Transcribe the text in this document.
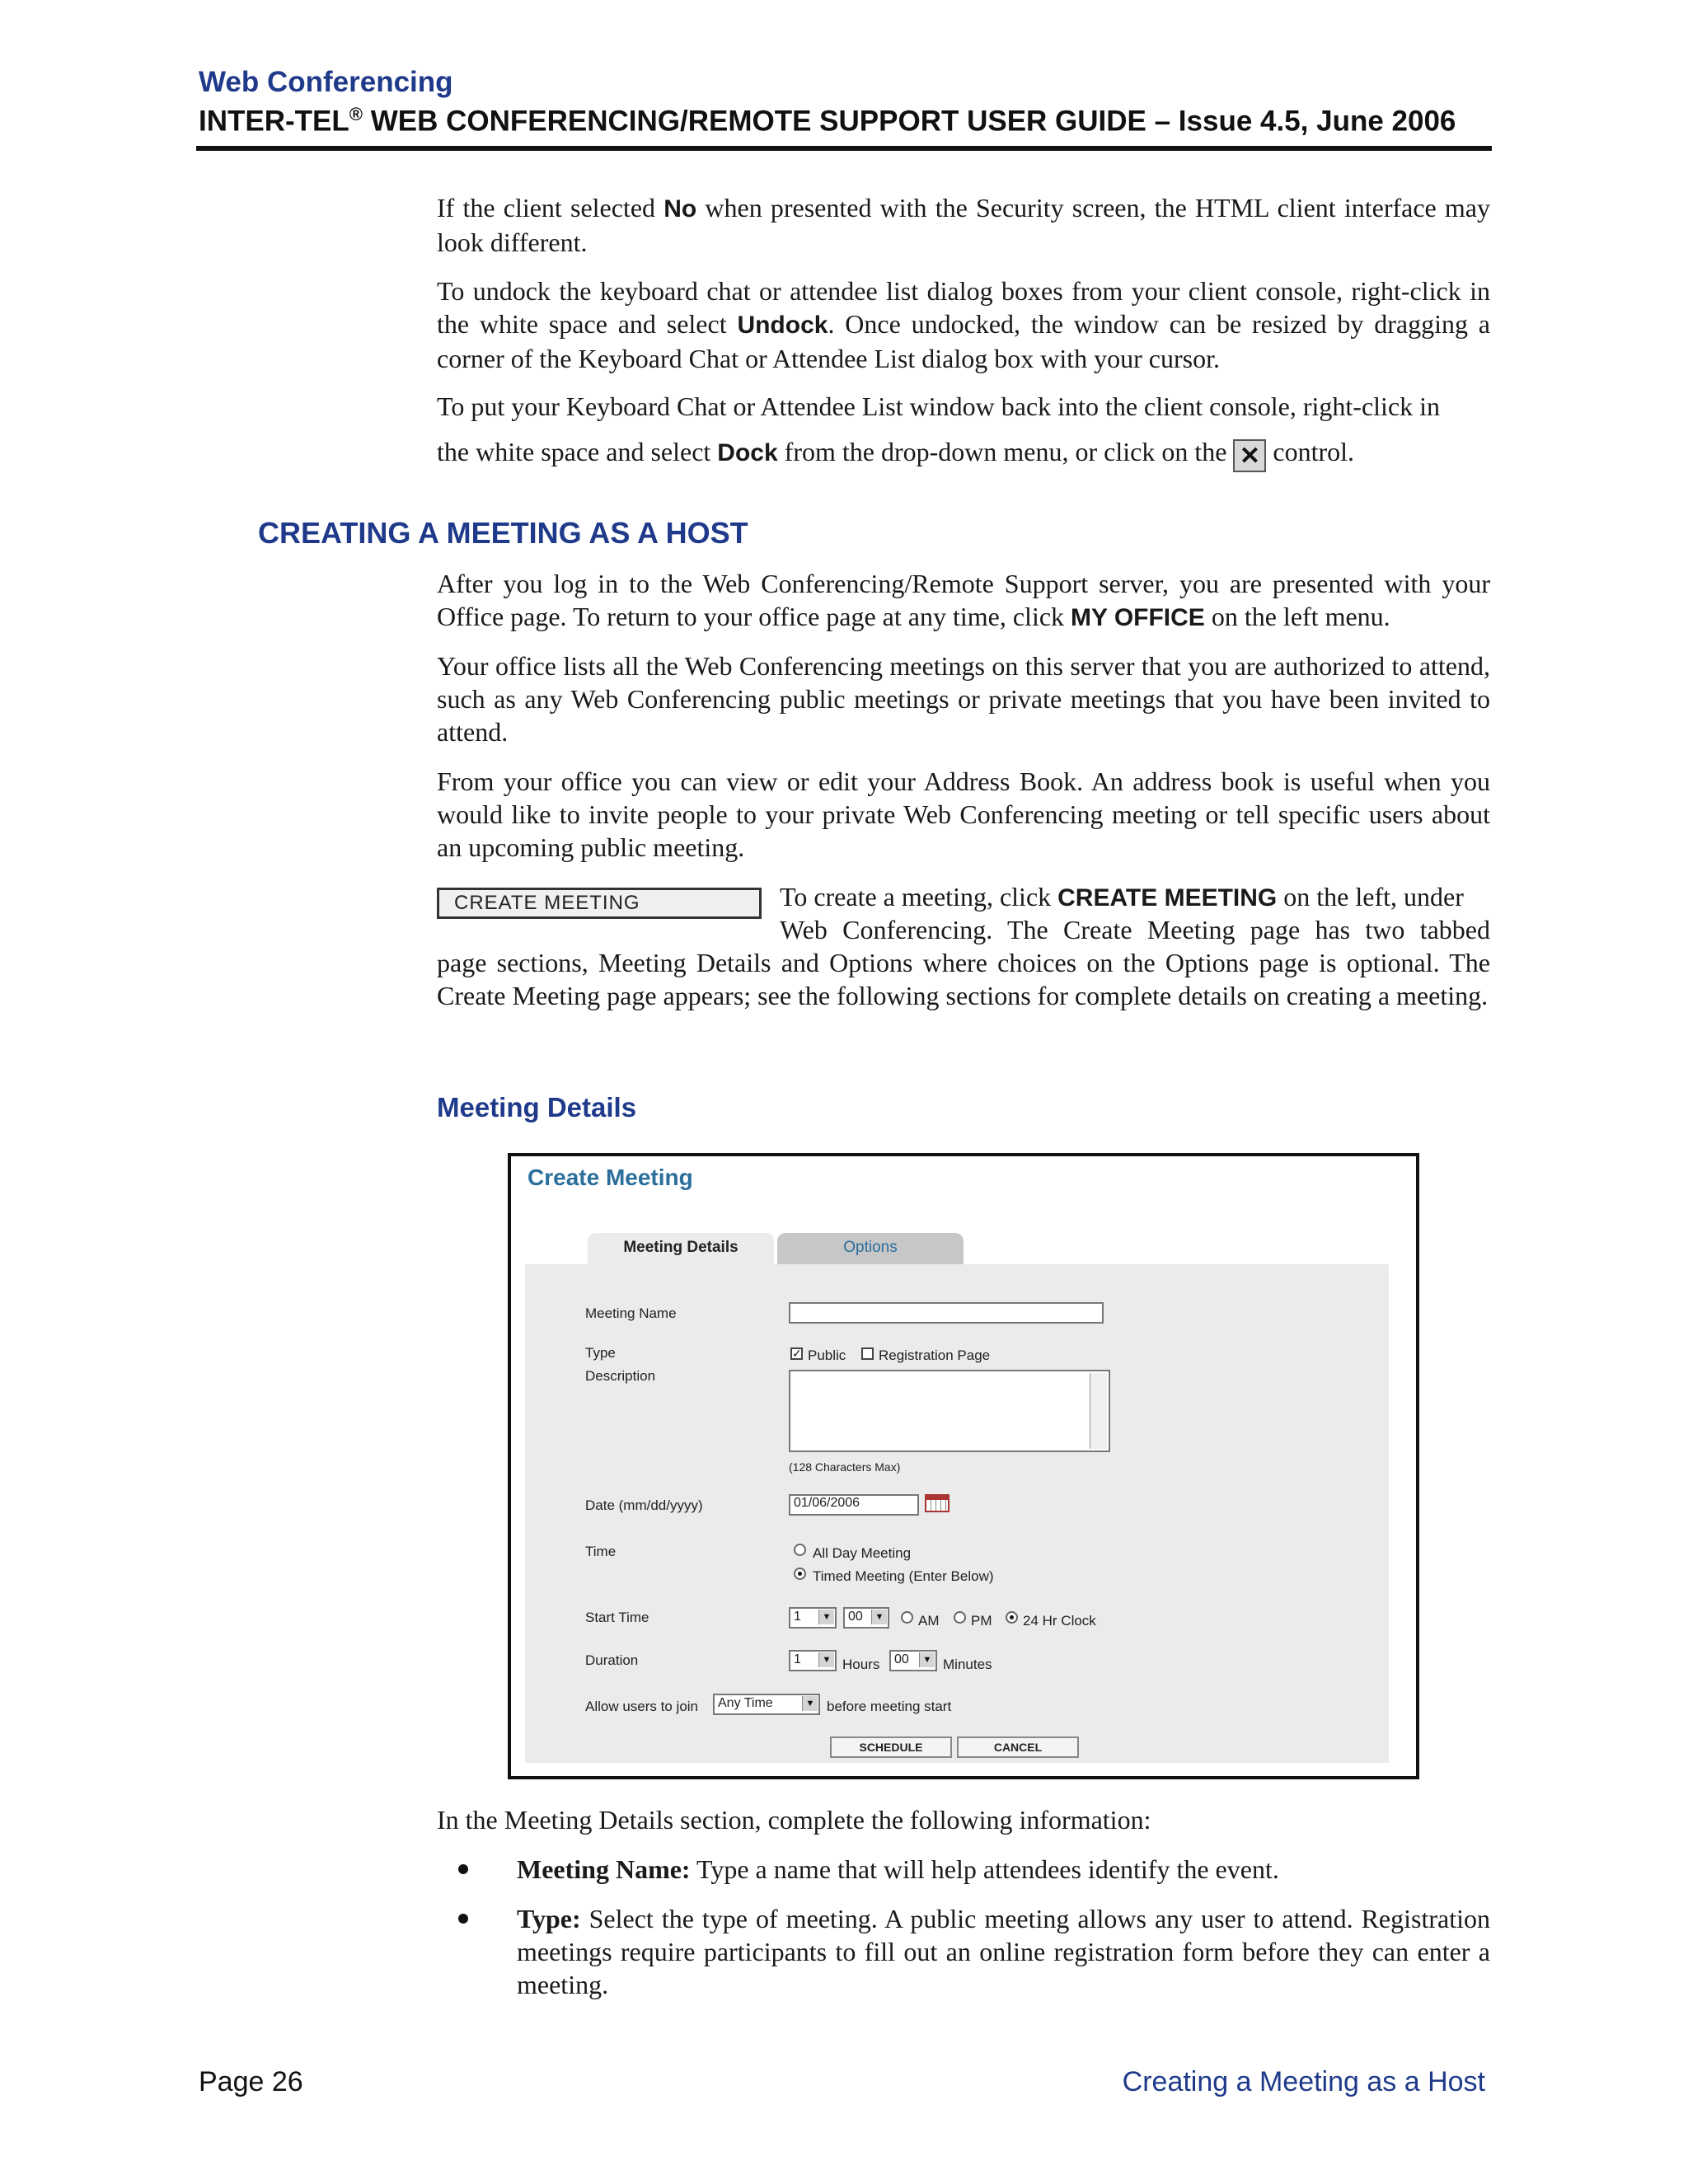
Web Conferencing
INTER-TEL® WEB CONFERENCING/REMOTE SUPPORT USER GUIDE – Issue 4.5, June 2006
If the client selected No when presented with the Security screen, the HTML client interface may look different.
To undock the keyboard chat or attendee list dialog boxes from your client console, right-click in the white space and select Undock. Once undocked, the window can be resized by dragging a corner of the Keyboard Chat or Attendee List dialog box with your cursor.
To put your Keyboard Chat or Attendee List window back into the client console, right-click in
the white space and select Dock from the drop-down menu, or click on the ✕ control.
CREATING A MEETING AS A HOST
After you log in to the Web Conferencing/Remote Support server, you are presented with your Office page. To return to your office page at any time, click MY OFFICE on the left menu.
Your office lists all the Web Conferencing meetings on this server that you are authorized to attend, such as any Web Conferencing public meetings or private meetings that you have been invited to attend.
From your office you can view or edit your Address Book. An address book is useful when you would like to invite people to your private Web Conferencing meeting or tell specific users about an upcoming public meeting.
CREATE MEETING	To create a meeting, click CREATE MEETING on the left, under
Web Conferencing. The Create Meeting page has two tabbed
page sections, Meeting Details and Options where choices on the Options page is optional. The Create Meeting page appears; see the following sections for complete details on creating a meeting.
Meeting Details
Create Meeting
Meeting Details	Options
Meeting Name
Type	✓ Public Registration Page
Description
(128 Characters Max)
Date (mm/dd/yyyy)	01/06/2006
Time	All Day Meeting
Timed Meeting (Enter Below)
Start Time	1	▼	00	▼ AM PM 24 Hr Clock
Duration	1	▼ Hours	00	▼ Minutes
Allow users to join	Any Time	▼ before meeting start
SCHEDULE	CANCEL
In the Meeting Details section, complete the following information:
Meeting Name: Type a name that will help attendees identify the event.
Type: Select the type of meeting. A public meeting allows any user to attend. Registration meetings require participants to fill out an online registration form before they can enter a meeting.
Page 26	Creating a Meeting as a Host
